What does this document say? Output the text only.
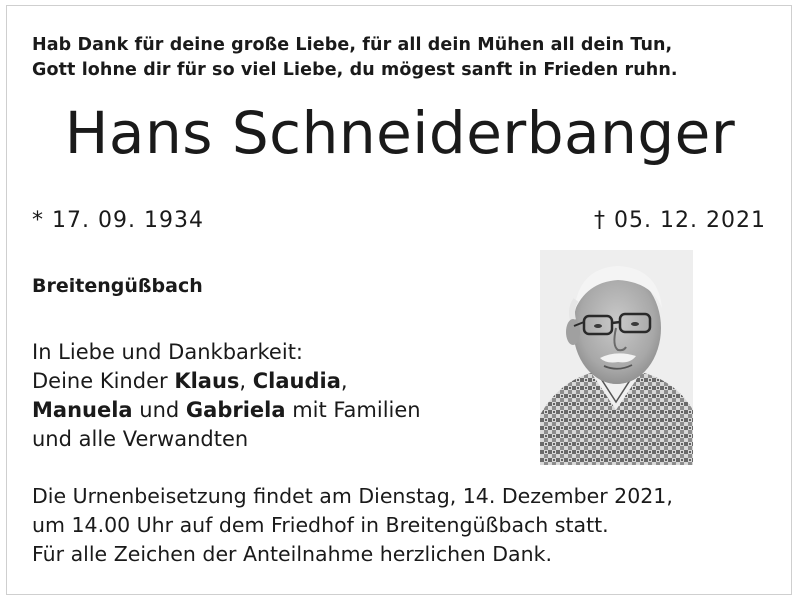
Hab Dank für deine große Liebe, für all dein Mühen all dein Tun,
Gott lohne dir für so viel Liebe, du mögest sanft in Frieden ruhn.
Hans Schneiderbanger
* 17. 09. 1934	† 05. 12. 2021
Breitengüßbach
In Liebe und Dankbarkeit:
Deine Kinder Klaus, Claudia,
Manuela und Gabriela mit Familien
und alle Verwandten
Die Urnenbeisetzung findet am Dienstag, 14. Dezember 2021,
um 14.00 Uhr auf dem Friedhof in Breitengüßbach statt.
Für alle Zeichen der Anteilnahme herzlichen Dank.
